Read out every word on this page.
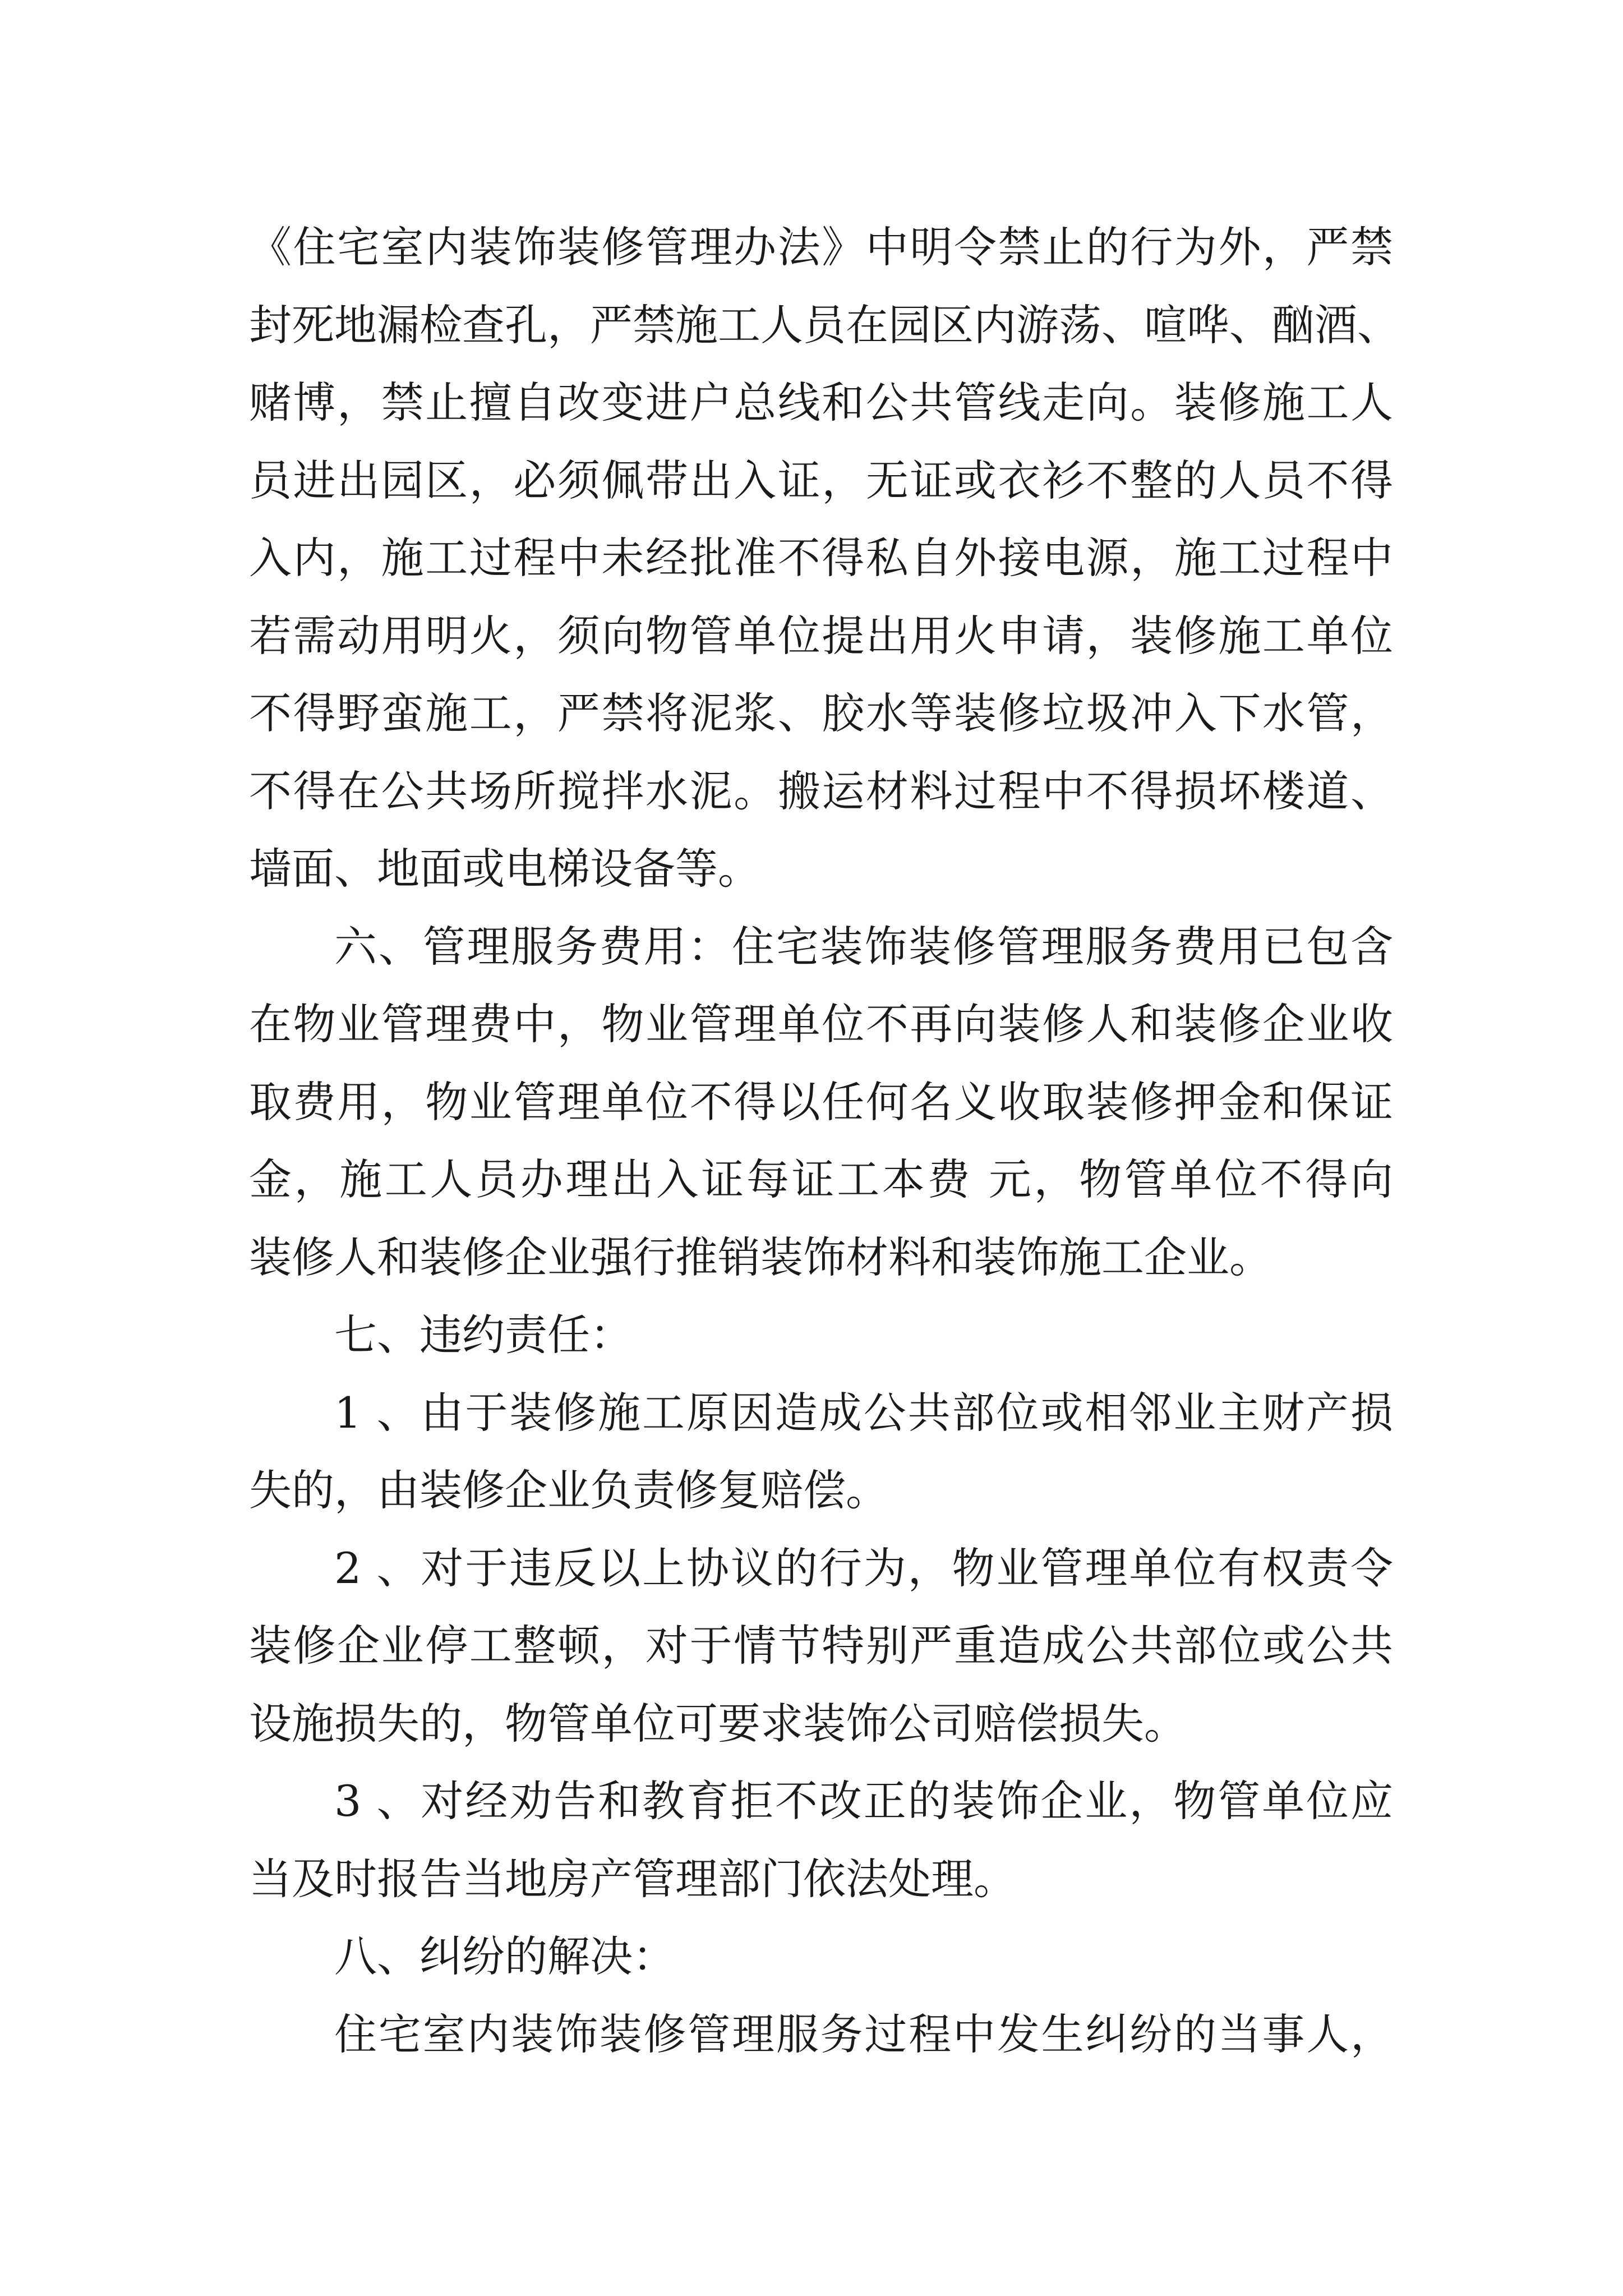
《住宅室内装饰装修管理办法》中明令禁止的行为外，严禁
封死地漏检查孔，严禁施工人员在园区内游荡、喧哗、酗酒、
赌博，禁止擅自改变进户总线和公共管线走向。装修施工人
员进出园区，必须佩带出入证，无证或衣衫不整的人员不得
入内，施工过程中未经批准不得私自外接电源，施工过程中
若需动用明火，须向物管单位提出用火申请，装修施工单位
不得野蛮施工，严禁将泥浆、胶水等装修垃圾冲入下水管，
不得在公共场所搅拌水泥。搬运材料过程中不得损坏楼道、
墙面、地面或电梯设备等。
六、管理服务费用：住宅装饰装修管理服务费用已包含
在物业管理费中，物业管理单位不再向装修人和装修企业收
取费用，物业管理单位不得以任何名义收取装修押金和保证
金，施工人员办理出入证每证工本费 元，物管单位不得向
装修人和装修企业强行推销装饰材料和装饰施工企业。
七、违约责任：
1 、由于装修施工原因造成公共部位或相邻业主财产损
失的，由装修企业负责修复赔偿。
2 、对于违反以上协议的行为，物业管理单位有权责令
装修企业停工整顿，对于情节特别严重造成公共部位或公共
设施损失的，物管单位可要求装饰公司赔偿损失。
3 、对经劝告和教育拒不改正的装饰企业，物管单位应
当及时报告当地房产管理部门依法处理。
八、纠纷的解决：
住宅室内装饰装修管理服务过程中发生纠纷的当事人，
